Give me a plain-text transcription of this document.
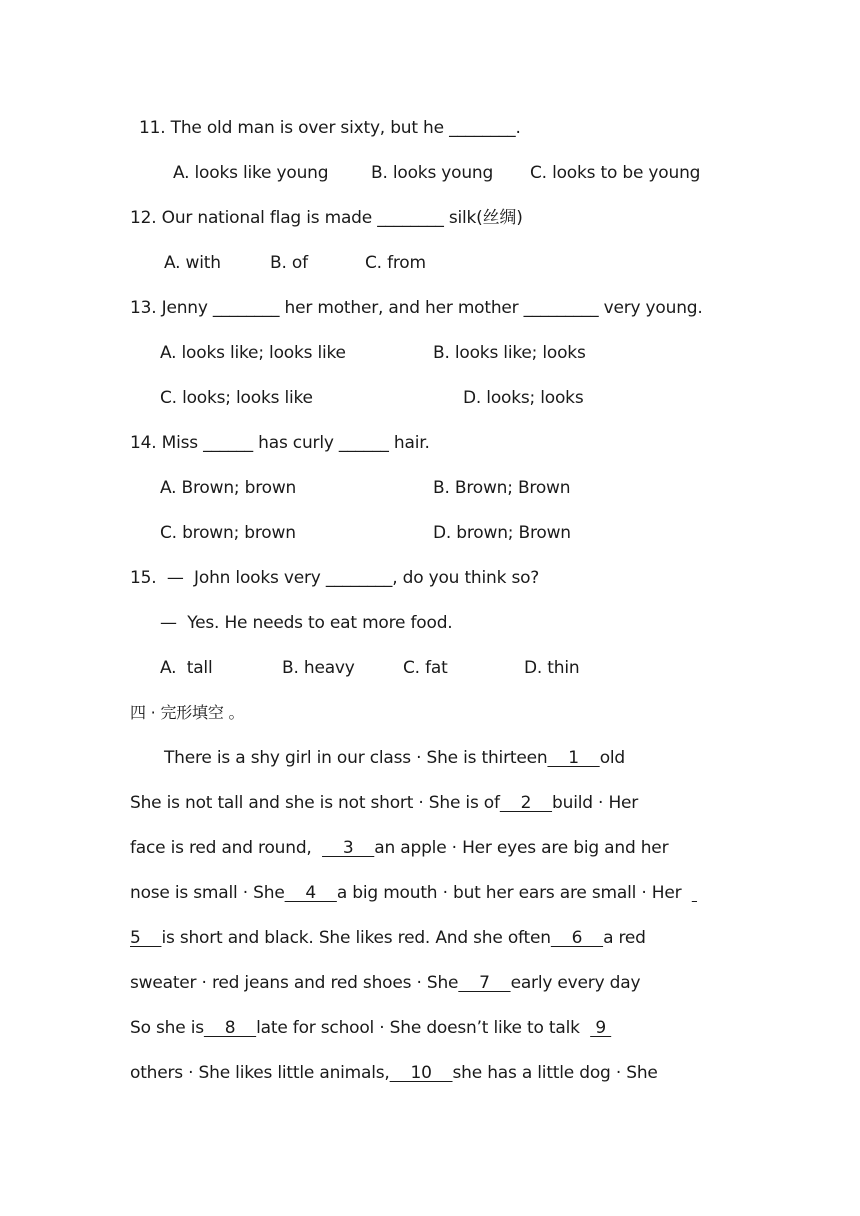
11. The old man is over sixty, but he ________.
A. looks like young	B. looks young C. looks to be young
12. Our national flag is made ________ silk(丝绸)
A. with	B. of	C. from
13. Jenny ________ her mother, and her mother _________ very young.
A. looks like; looks like	B. looks like; looks
C. looks; looks like	D. looks; looks
14. Miss ______ has curly ______ hair.
A. Brown; brown	B. Brown; Brown
C. brown; brown	D. brown; Brown
15.  —  John looks very ________, do you think so?
—  Yes. He needs to eat more food.
A.  tall	B. heavy	C. fat	D. thin
四 · 完形填空 。
There is a shy girl in our class · She is thirteen    1    old
She is not tall and she is not short · She is of    2    build · Her
face is red and round,      3    an apple · Her eyes are big and her
nose is small · She    4    a big mouth · but her ears are small · Her
5    is short and black. She likes red. And she often    6    a red
sweater · red jeans and red shoes · She    7    early every day
So she is    8    late for school · She doesn’t like to talk   9
others · She likes little animals,    10    she has a little dog · She
